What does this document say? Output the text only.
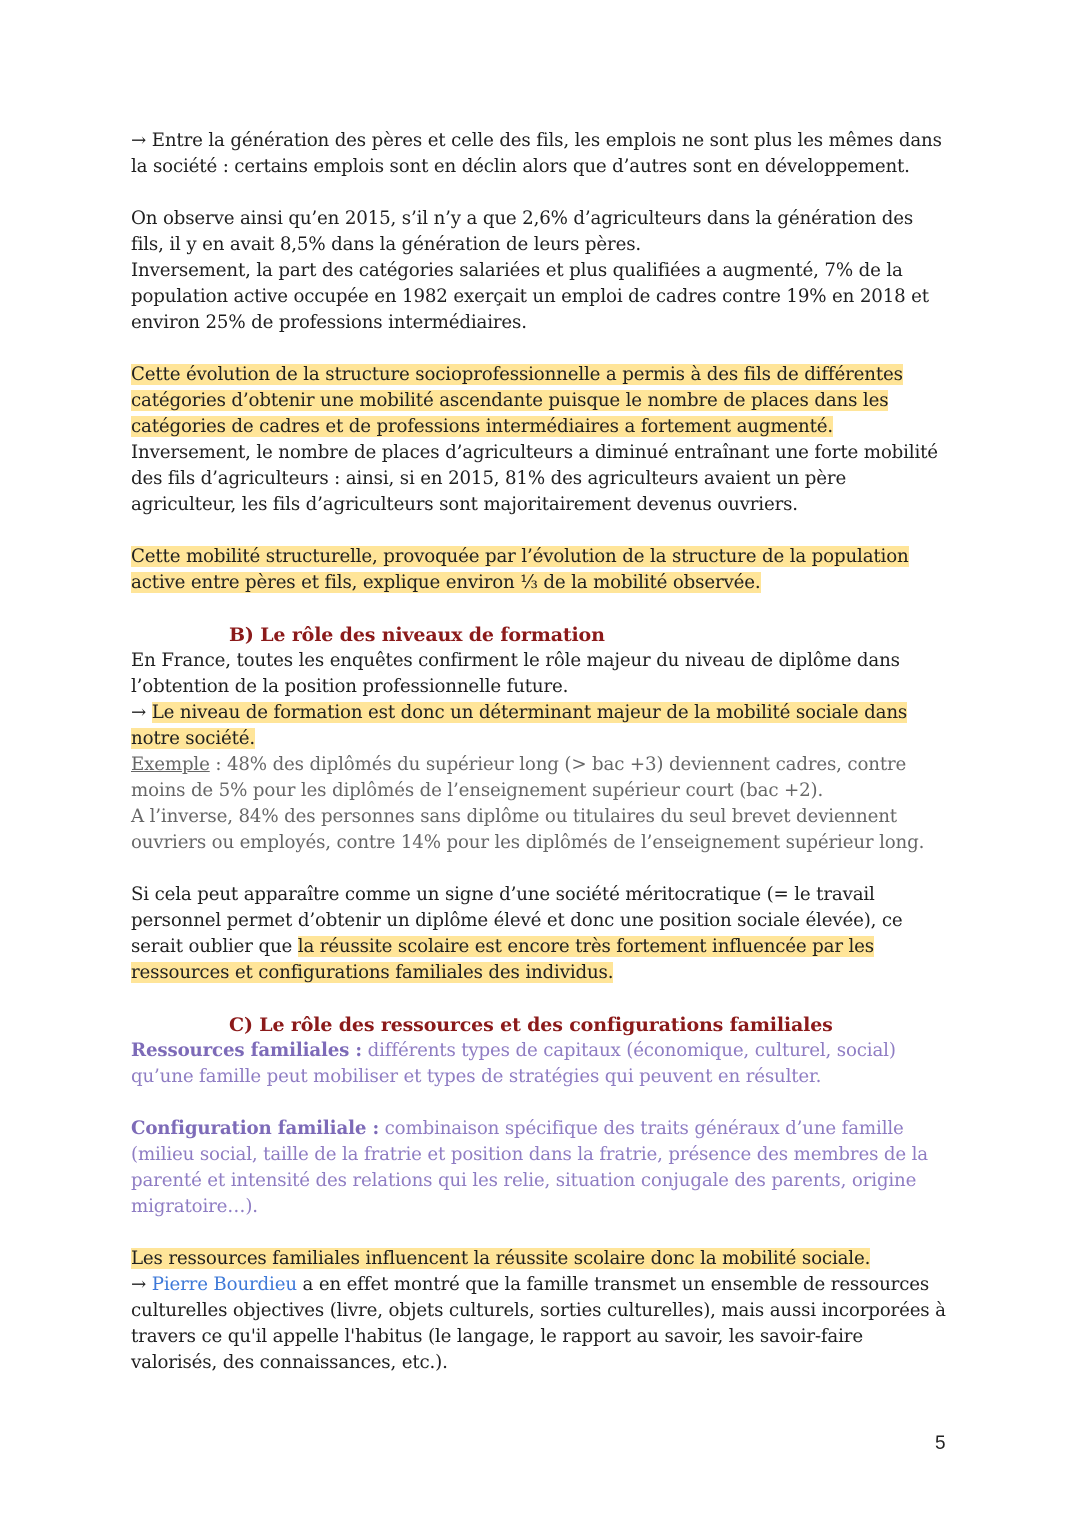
→ Entre la génération des pères et celle des fils, les emplois ne sont plus les mêmes dans la société : certains emplois sont en déclin alors que d’autres sont en développement.

On observe ainsi qu’en 2015, s’il n’y a que 2,6% d’agriculteurs dans la génération des fils, il y en avait 8,5% dans la génération de leurs pères.

Inversement, la part des catégories salariées et plus qualifiées a augmenté, 7% de la population active occupée en 1982 exerçait un emploi de cadres contre 19% en 2018 et environ 25% de professions intermédiaires.

Cette évolution de la structure socioprofessionnelle a permis à des fils de différentes catégories d’obtenir une mobilité ascendante puisque le nombre de places dans les catégories de cadres et de professions intermédiaires a fortement augmenté.

Inversement, le nombre de places d’agriculteurs a diminué entraînant une forte mobilité des fils d’agriculteurs : ainsi, si en 2015, 81% des agriculteurs avaient un père agriculteur, les fils d’agriculteurs sont majoritairement devenus ouvriers.

Cette mobilité structurelle, provoquée par l’évolution de la structure de la population active entre pères et fils, explique environ ⅓ de la mobilité observée.

B) Le rôle des niveaux de formation

En France, toutes les enquêtes confirment le rôle majeur du niveau de diplôme dans l’obtention de la position professionnelle future.

→ Le niveau de formation est donc un déterminant majeur de la mobilité sociale dans notre société.

Exemple : 48% des diplômés du supérieur long (> bac +3) deviennent cadres, contre moins de 5% pour les diplômés de l’enseignement supérieur court (bac +2).

A l’inverse, 84% des personnes sans diplôme ou titulaires du seul brevet deviennent ouvriers ou employés, contre 14% pour les diplômés de l’enseignement supérieur long.

Si cela peut apparaître comme un signe d’une société méritocratique (= le travail personnel permet d’obtenir un diplôme élevé et donc une position sociale élevée), ce serait oublier que la réussite scolaire est encore très fortement influencée par les ressources et configurations familiales des individus.

C) Le rôle des ressources et des configurations familiales

Ressources familiales : différents types de capitaux (économique, culturel, social) qu’une famille peut mobiliser et types de stratégies qui peuvent en résulter.

Configuration familiale : combinaison spécifique des traits généraux d’une famille (milieu social, taille de la fratrie et position dans la fratrie, présence des membres de la parenté et intensité des relations qui les relie, situation conjugale des parents, origine migratoire…).

Les ressources familiales influencent la réussite scolaire donc la mobilité sociale.

→ Pierre Bourdieu a en effet montré que la famille transmet un ensemble de ressources culturelles objectives (livre, objets culturels, sorties culturelles), mais aussi incorporées à travers ce qu'il appelle l'habitus (le langage, le rapport au savoir, les savoir-faire valorisés, des connaissances, etc.).

5
